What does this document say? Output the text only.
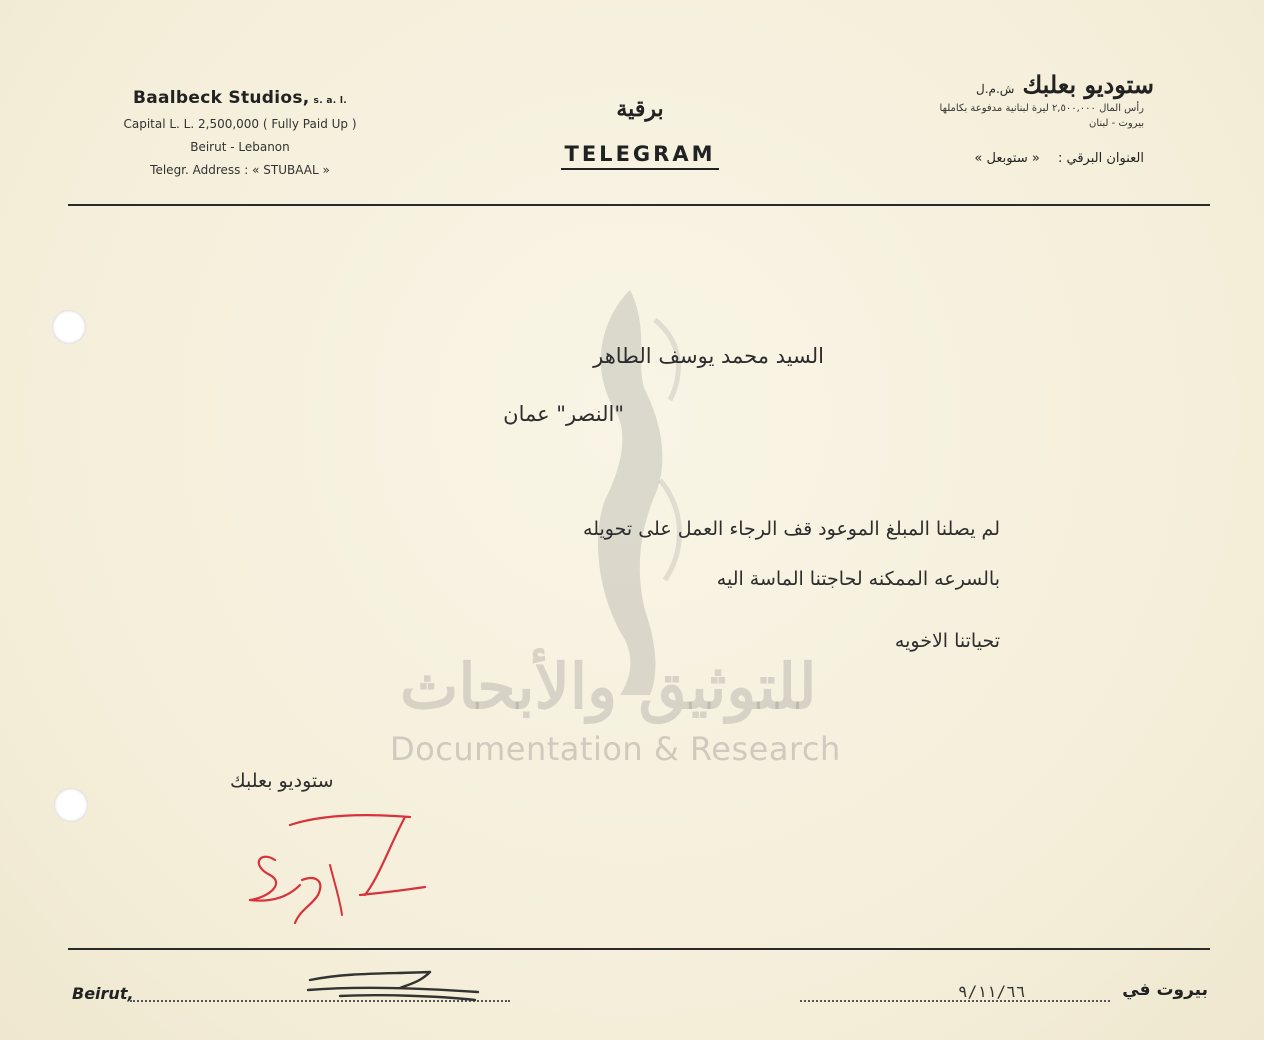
للتوثيق والأبحاث
Documentation & Research
Baalbeck Studios, s. a. l.
Capital L. L. 2,500,000 ( Fully Paid Up )
Beirut - Lebanon
Telegr. Address : « STUBAAL »
برقية
TELEGRAM
ستوديو بعلبك
ش.م.ل
رأس المال ٢,٥٠٠,٠٠٠ ليرة لبنانية مدفوعة بكاملها
بيروت - لبنان
العنوان البرقي : « ستوبعل »
السيد محمد يوسف الطاهر
"النصر" عمان
لم يصلنا المبلغ الموعود قف الرجاء العمل على تحويله
بالسرعه الممكنه لحاجتنا الماسة اليه
تحياتنا الاخويه
ستوديو بعلبك
Beirut,	٩/١١/٦٦	بيروت في
